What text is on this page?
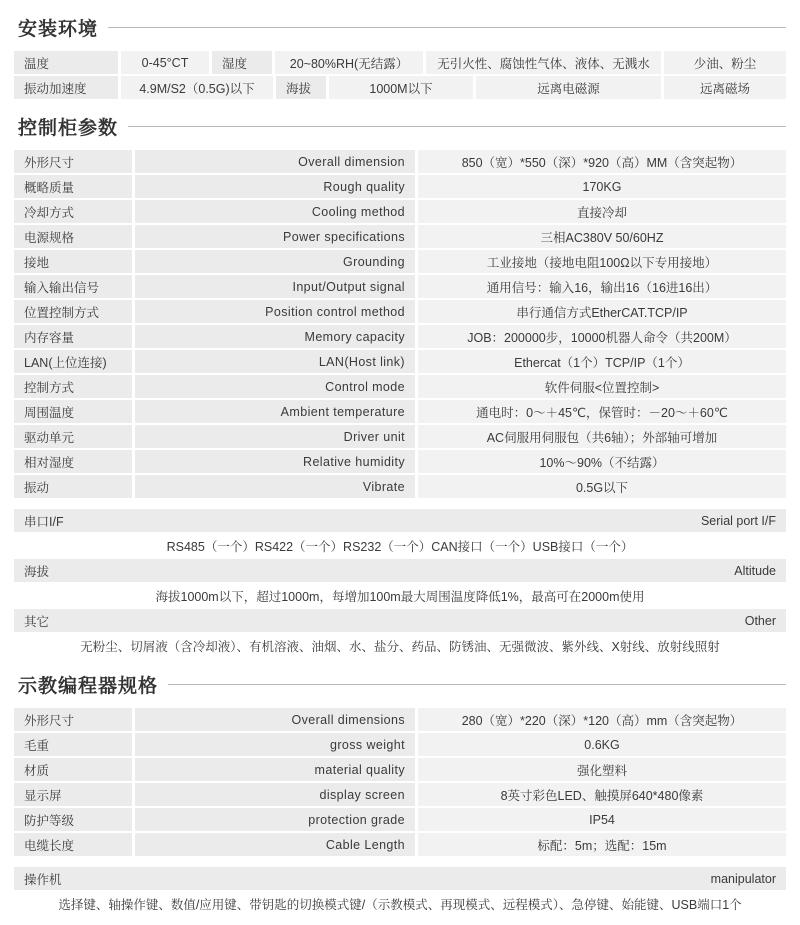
安装环境
温度	0-45°CT	湿度	20~80%RH(无结露）	无引火性、腐蚀性气体、液体、无溅水	少油、粉尘
振动加速度	4.9M/S2（0.5G)以下	海拔	1000M以下	远离电磁源	远离磁场
控制柜参数
外形尺寸	Overall dimension	850（宽）*550（深）*920（高）MM（含突起物）
概略质量	Rough quality	170KG
冷却方式	Cooling method	直接冷却
电源规格	Power specifications	三相AC380V 50/60HZ
接地	Grounding	工业接地（接地电阻100Ω以下专用接地）
输入输出信号	Input/Output signal	通用信号：输入16，输出16（16进16出）
位置控制方式	Position control method	串行通信方式EtherCAT.TCP/IP
内存容量	Memory capacity	JOB：200000步，10000机器人命令（共200M）
LAN(上位连接)	LAN(Host link)	Ethercat（1个）TCP/IP（1个）
控制方式	Control mode	软件伺服<位置控制>
周围温度	Ambient temperature	通电时：0～＋45℃，保管时：－20～＋60℃
驱动单元	Driver unit	AC伺服用伺服包（共6轴）；外部轴可增加
相对湿度	Relative humidity	10%～90%（不结露）
振动	Vibrate	0.5G以下
串口I/F	Serial port I/F
RS485（一个）RS422（一个）RS232（一个）CAN接口（一个）USB接口（一个）
海拔	Altitude
海拔1000m以下，超过1000m，每增加100m最大周围温度降低1%，最高可在2000m使用
其它	Other
无粉尘、切屑液（含冷却液）、有机溶液、油烟、水、盐分、药品、防锈油、无强微波、紫外线、X射线、放射线照射
示教编程器规格
外形尺寸	Overall dimensions	280（宽）*220（深）*120（高）mm（含突起物）
毛重	gross weight	0.6KG
材质	material quality	强化塑料
显示屏	display screen	8英寸彩色LED、触摸屏640*480像素
防护等级	protection grade	IP54
电缆长度	Cable Length	标配：5m；选配：15m
操作机	manipulator
选择键、轴操作键、数值/应用键、带钥匙的切换模式键/（示教模式、再现模式、远程模式）、急停键、始能键、USB端口1个
